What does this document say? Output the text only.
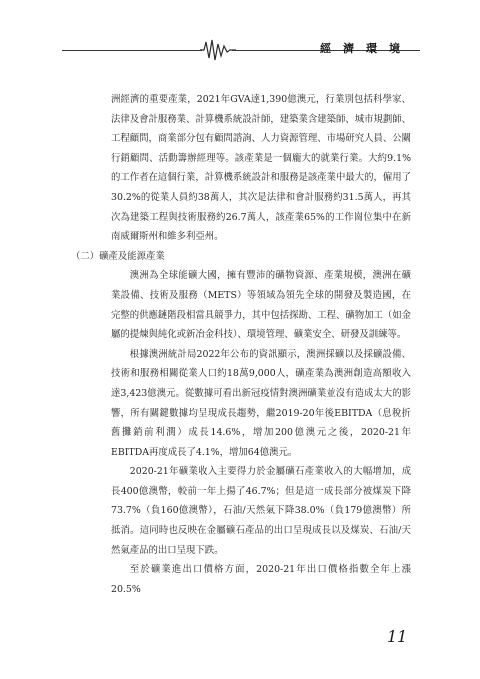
經濟環境

洲經濟的重要產業，2021年GVA達1,390億澳元，行業別包括科學家、法律及會計服務業、計算機系統設計師，建築業含建築師、城市規劃師、工程顧問，商業部分包有顧問諮詢、人力資源管理、市場研究人員、公關行銷顧問、活動籌辦經理等。該產業是一個龐大的就業行業。大約9.1%的工作者在這個行業，計算機系統設計和服務是該產業中最大的，僱用了30.2%的從業人員約38萬人，其次是法律和會計服務約31.5萬人，再其次為建築工程與技術服務約26.7萬人，該產業65%的工作崗位集中在新南威爾斯州和維多利亞州。

（二）礦產及能源產業

澳洲為全球能礦大國，擁有豐沛的礦物資源、產業規模，澳洲在礦業設備、技術及服務（METS）等領域為領先全球的開發及製造國，在完整的供應鏈階段相當具競爭力，其中包括探勘、工程、礦物加工（如金屬的提煉與純化或新冶金科技）、環境管理、礦業安全、研發及訓練等。

根據澳洲統計局2022年公布的資訊顯示，澳洲採礦以及採礦設備、技術和服務相關從業人口約18萬9,000人，礦產業為澳洲創造高額收入達3,423億澳元。從數據可看出新冠疫情對澳洲礦業並沒有造成太大的影響，所有關鍵數據均呈現成長趨勢，繼2019-20年後EBITDA（息稅折舊攤銷前利潤）成長14.6%，增加200億澳元之後，2020-21年EBITDA再度成長了4.1%，增加64億澳元。

2020-21年礦業收入主要得力於金屬礦石產業收入的大幅增加，成長400億澳幣，較前一年上揚了46.7%；但是這一成長部分被煤炭下降73.7%（負160億澳幣），石油/天然氣下降38.0%（負179億澳幣）所抵消。這同時也反映在金屬礦石產品的出口呈現成長以及煤炭、石油/天然氣產品的出口呈現下跌。

至於礦業進出口價格方面，2020-21年出口價格指數全年上漲20.5%

11
